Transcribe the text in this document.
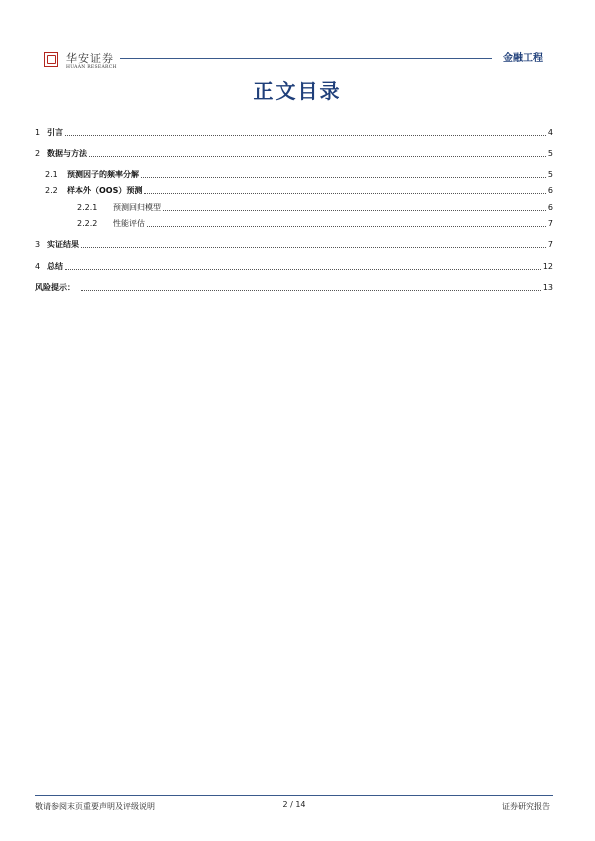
华安证券
HUAAN RESEARCH
金融工程
正文目录
1 引言	4
2 数据与方法	5
2.1	预测因子的频率分解	5
2.2	样本外（OOS）预测	6
2.2.1	预测回归模型	6
2.2.2	性能评估	7
3 实证结果	7
4 总结	12
风险提示：	13
敬请参阅末页重要声明及评级说明	2 / 14	证券研究报告
